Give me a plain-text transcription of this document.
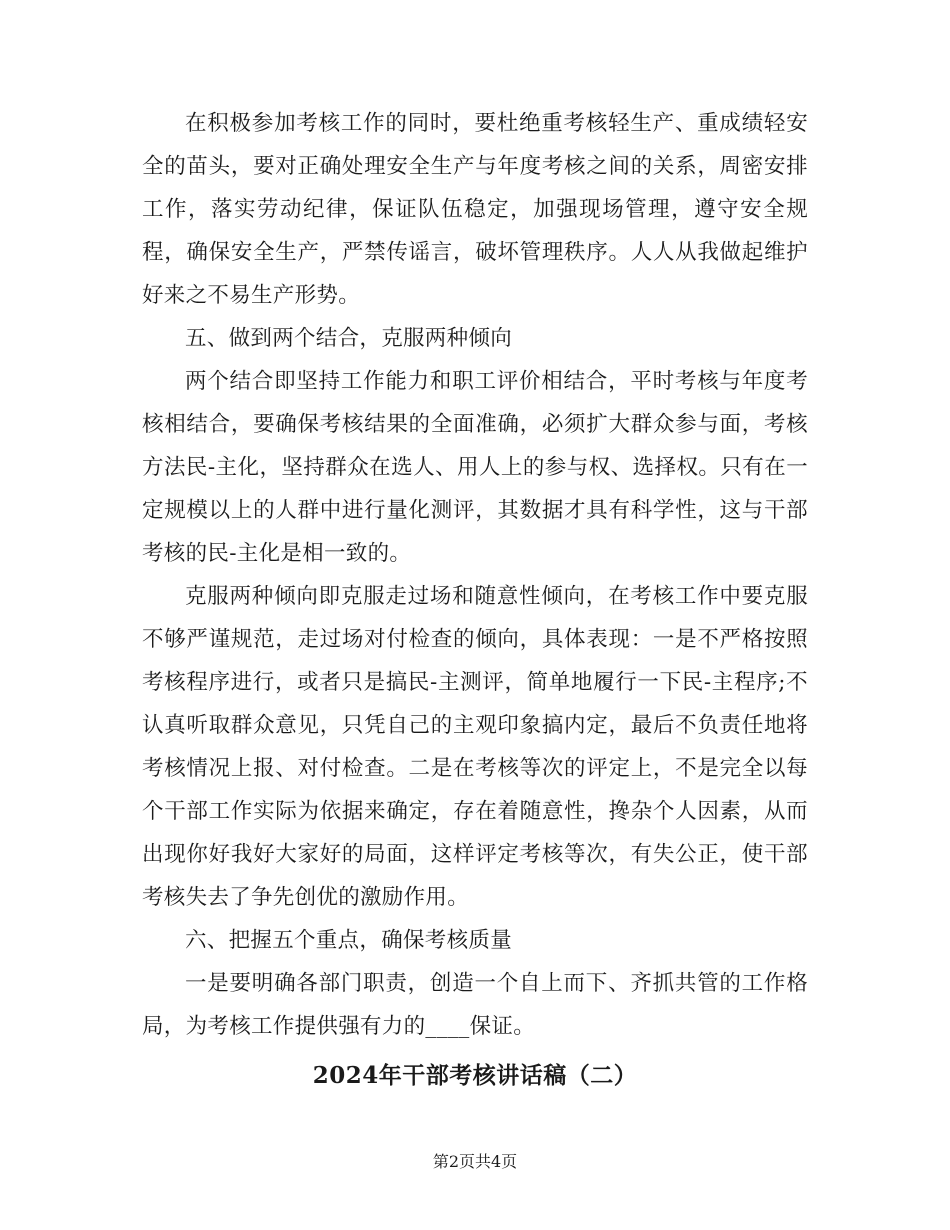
在积极参加考核工作的同时，要杜绝重考核轻生产、重成绩轻安全的苗头，要对正确处理安全生产与年度考核之间的关系，周密安排工作，落实劳动纪律，保证队伍稳定，加强现场管理，遵守安全规程，确保安全生产，严禁传谣言，破坏管理秩序。人人从我做起维护好来之不易生产形势。

五、做到两个结合，克服两种倾向

两个结合即坚持工作能力和职工评价相结合，平时考核与年度考核相结合，要确保考核结果的全面准确，必须扩大群众参与面，考核方法民-主化，坚持群众在选人、用人上的参与权、选择权。只有在一定规模以上的人群中进行量化测评，其数据才具有科学性，这与干部考核的民-主化是相一致的。

克服两种倾向即克服走过场和随意性倾向，在考核工作中要克服不够严谨规范，走过场对付检查的倾向，具体表现：一是不严格按照考核程序进行，或者只是搞民-主测评，简单地履行一下民-主程序;不认真听取群众意见，只凭自己的主观印象搞内定，最后不负责任地将考核情况上报、对付检查。二是在考核等次的评定上，不是完全以每个干部工作实际为依据来确定，存在着随意性，搀杂个人因素，从而出现你好我好大家好的局面，这样评定考核等次，有失公正，使干部考核失去了争先创优的激励作用。

六、把握五个重点，确保考核质量

一是要明确各部门职责，创造一个自上而下、齐抓共管的工作格局，为考核工作提供强有力的____保证。

2024年干部考核讲话稿（二）
第2页共4页
